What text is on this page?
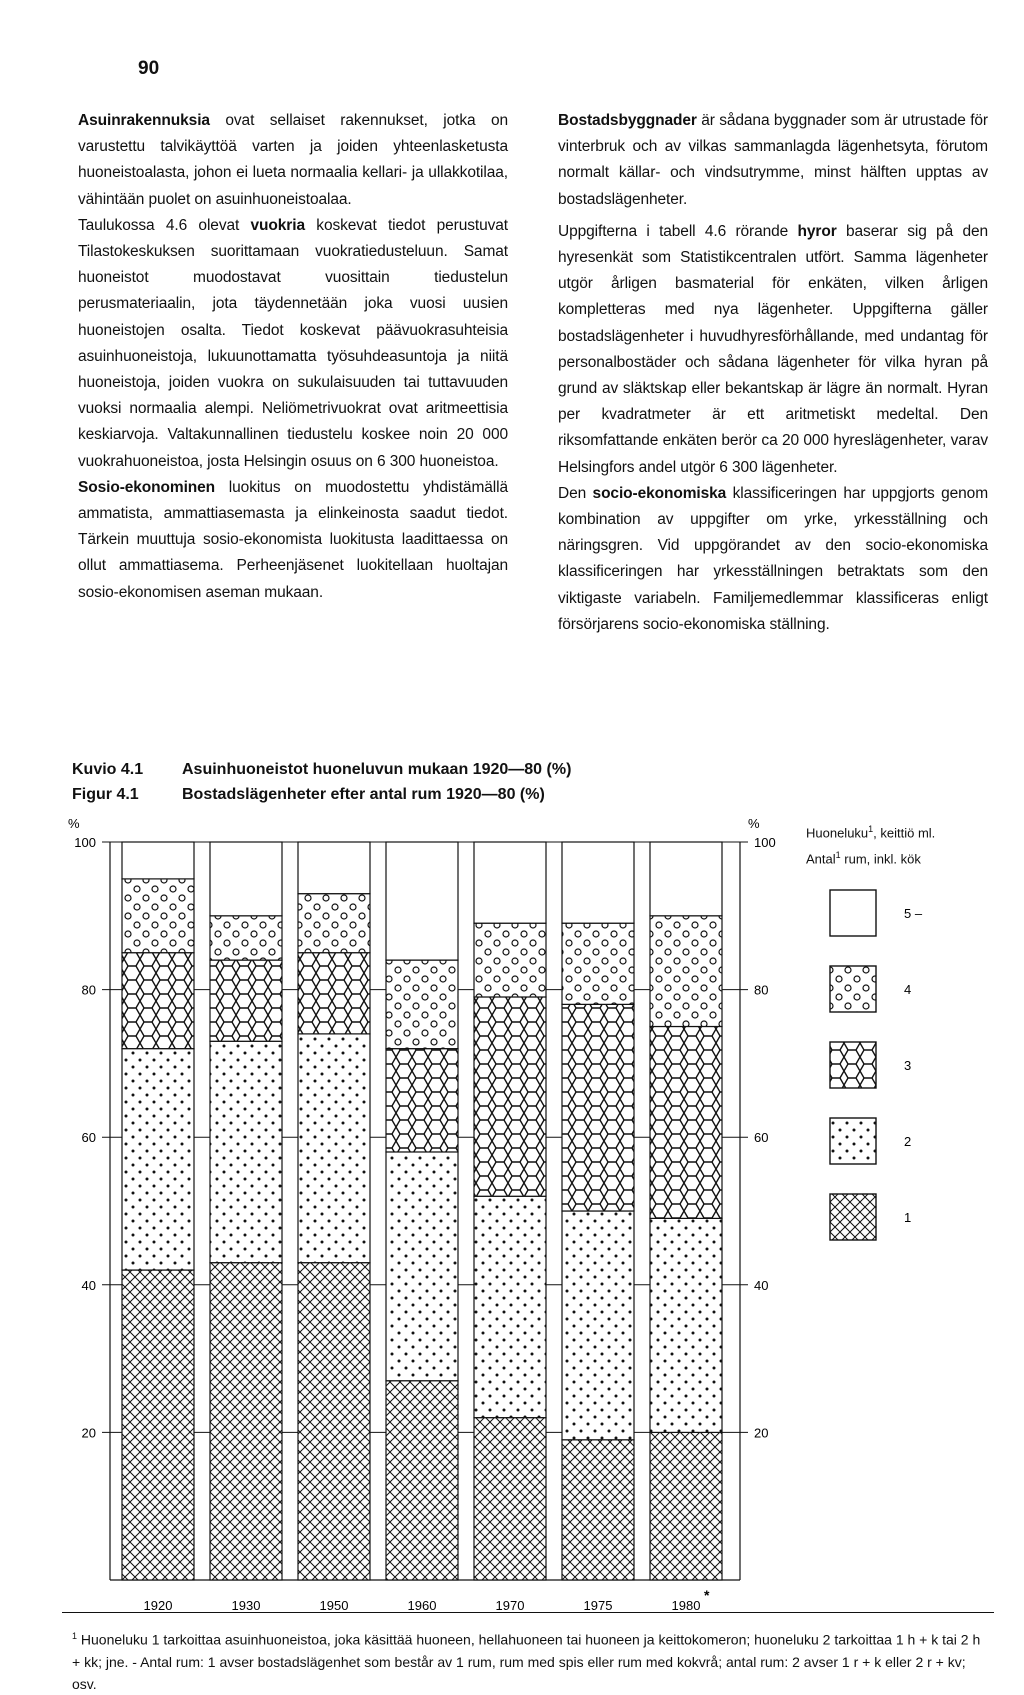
90

Asuinrakennuksia ovat sellaiset rakennukset, jotka on varustettu talvikäyttöä varten ja joiden yhteenlasketusta huoneistoalasta, johon ei lueta normaalia kellari- ja ullakkotilaa, vähintään puolet on asuinhuoneistoalaa.

Taulukossa 4.6 olevat vuokria koskevat tiedot perustuvat Tilastokeskuksen suorittamaan vuokratiedusteluun. Samat huoneistot muodostavat vuosittain tiedustelun perusmateriaalin, jota täydennetään joka vuosi uusien huoneistojen osalta. Tiedot koskevat päävuokrasuhteisia asuinhuoneistoja, lukuunottamatta työsuhdeasuntoja ja niitä huoneistoja, joiden vuokra on sukulaisuuden tai tuttavuuden vuoksi normaalia alempi. Neliömetrivuokrat ovat aritmeettisia keskiarvoja. Valtakunnallinen tiedustelu koskee noin 20 000 vuokrahuoneistoa, josta Helsingin osuus on 6 300 huoneistoa.

Sosio-ekonominen luokitus on muodostettu yhdistämällä ammatista, ammattiasemasta ja elinkeinosta saadut tiedot. Tärkein muuttuja sosio-ekonomista luokitusta laadittaessa on ollut ammattiasema. Perheenjäsenet luokitellaan huoltajan sosio-ekonomisen aseman mukaan.

Bostadsbyggnader är sådana byggnader som är utrustade för vinterbruk och av vilkas sammanlagda lägenhetsyta, förutom normalt källar- och vindsutrymme, minst hälften upptas av bostadslägenheter.

Uppgifterna i tabell 4.6 rörande hyror baserar sig på den hyresenkät som Statistikcentralen utfört. Samma lägenheter utgör årligen basmaterial för enkäten, vilken årligen kompletteras med nya lägenheter. Uppgifterna gäller bostadslägenheter i huvudhyresförhållande, med undantag för personalbostäder och sådana lägenheter för vilka hyran på grund av släktskap eller bekantskap är lägre än normalt. Hyran per kvadratmeter är ett aritmetiskt medeltal. Den riksomfattande enkäten berör ca 20 000 hyreslägenheter, varav Helsingfors andel utgör 6 300 lägenheter.

Den socio-ekonomiska klassificeringen har uppgjorts genom kombination av uppgifter om yrke, yrkesställning och näringsgren. Vid uppgörandet av den socio-ekonomiska klassificeringen har yrkesställningen betraktats som den viktigaste variabeln. Familjemedlemmar klassificeras enligt försörjarens socio-ekonomiska ställning.

Kuvio 4.1 Asuinhuoneistot huoneluvun mukaan 1920—80 (%)
Figur 4.1	Bostadslägenheter efter antal rum 1920—80 (%)
Huoneluku$^1$, keittiö ml.
Antal$^1$ rum, inkl. kök
%
20
40
60
80
100
%
20
40
60
80
100
1920	1930	1950	1960	1970	1975	1980
*
5 –
4
3
2
1
$^1$ Huoneluku 1 tarkoittaa asuinhuoneistoa, joka käsittää huoneen, hellahuoneen tai huoneen ja keittokomeron; huoneluku 2 tarkoittaa 1 h + k tai 2 h + kk; jne. - Antal rum: 1 avser bostadslägenhet som består av 1 rum, rum med spis eller rum med kokvrå; antal rum: 2 avser 1 r + k eller 2 r + kv; osv.
